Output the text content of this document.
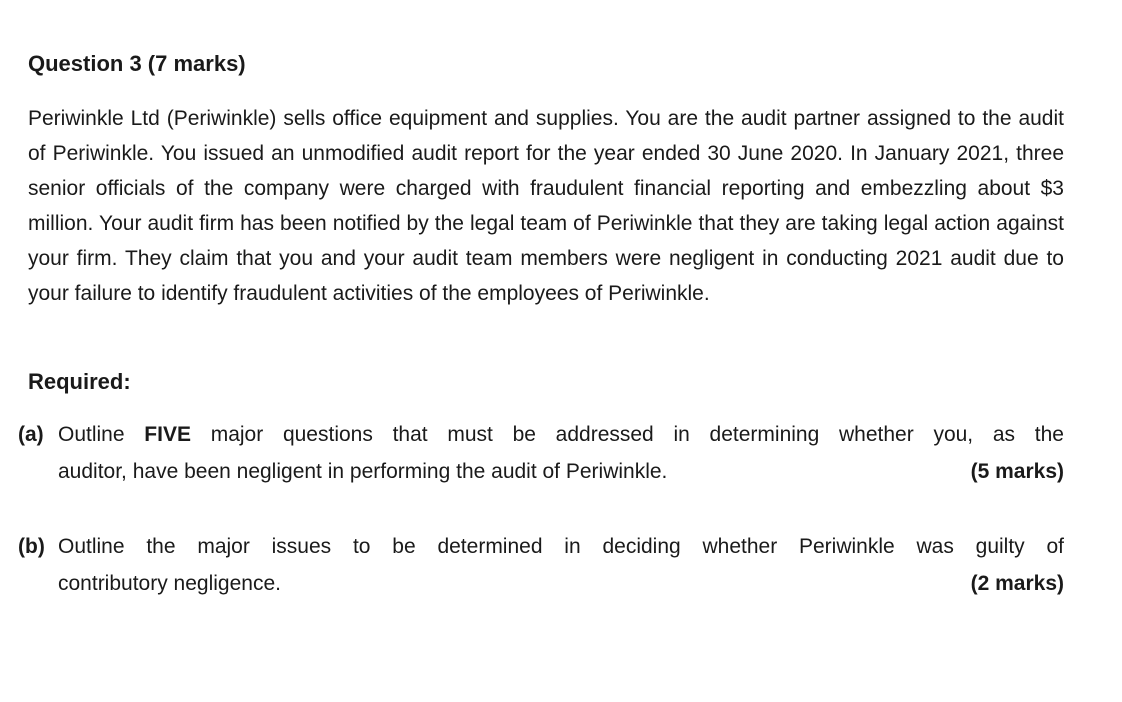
Question 3 (7 marks)

Periwinkle Ltd (Periwinkle) sells office equipment and supplies. You are the audit partner assigned to the audit of Periwinkle. You issued an unmodified audit report for the year ended 30 June 2020. In January 2021, three senior officials of the company were charged with fraudulent financial reporting and embezzling about $3 million. Your audit firm has been notified by the legal team of Periwinkle that they are taking legal action against your firm. They claim that you and your audit team members were negligent in conducting 2021 audit due to your failure to identify fraudulent activities of the employees of Periwinkle.

Required:

(a) Outline FIVE major questions that must be addressed in determining whether you, as the
auditor, have been negligent in performing the audit of Periwinkle.	(5 marks)
(b) Outline the major issues to be determined in deciding whether Periwinkle was guilty of
contributory negligence.	(2 marks)
